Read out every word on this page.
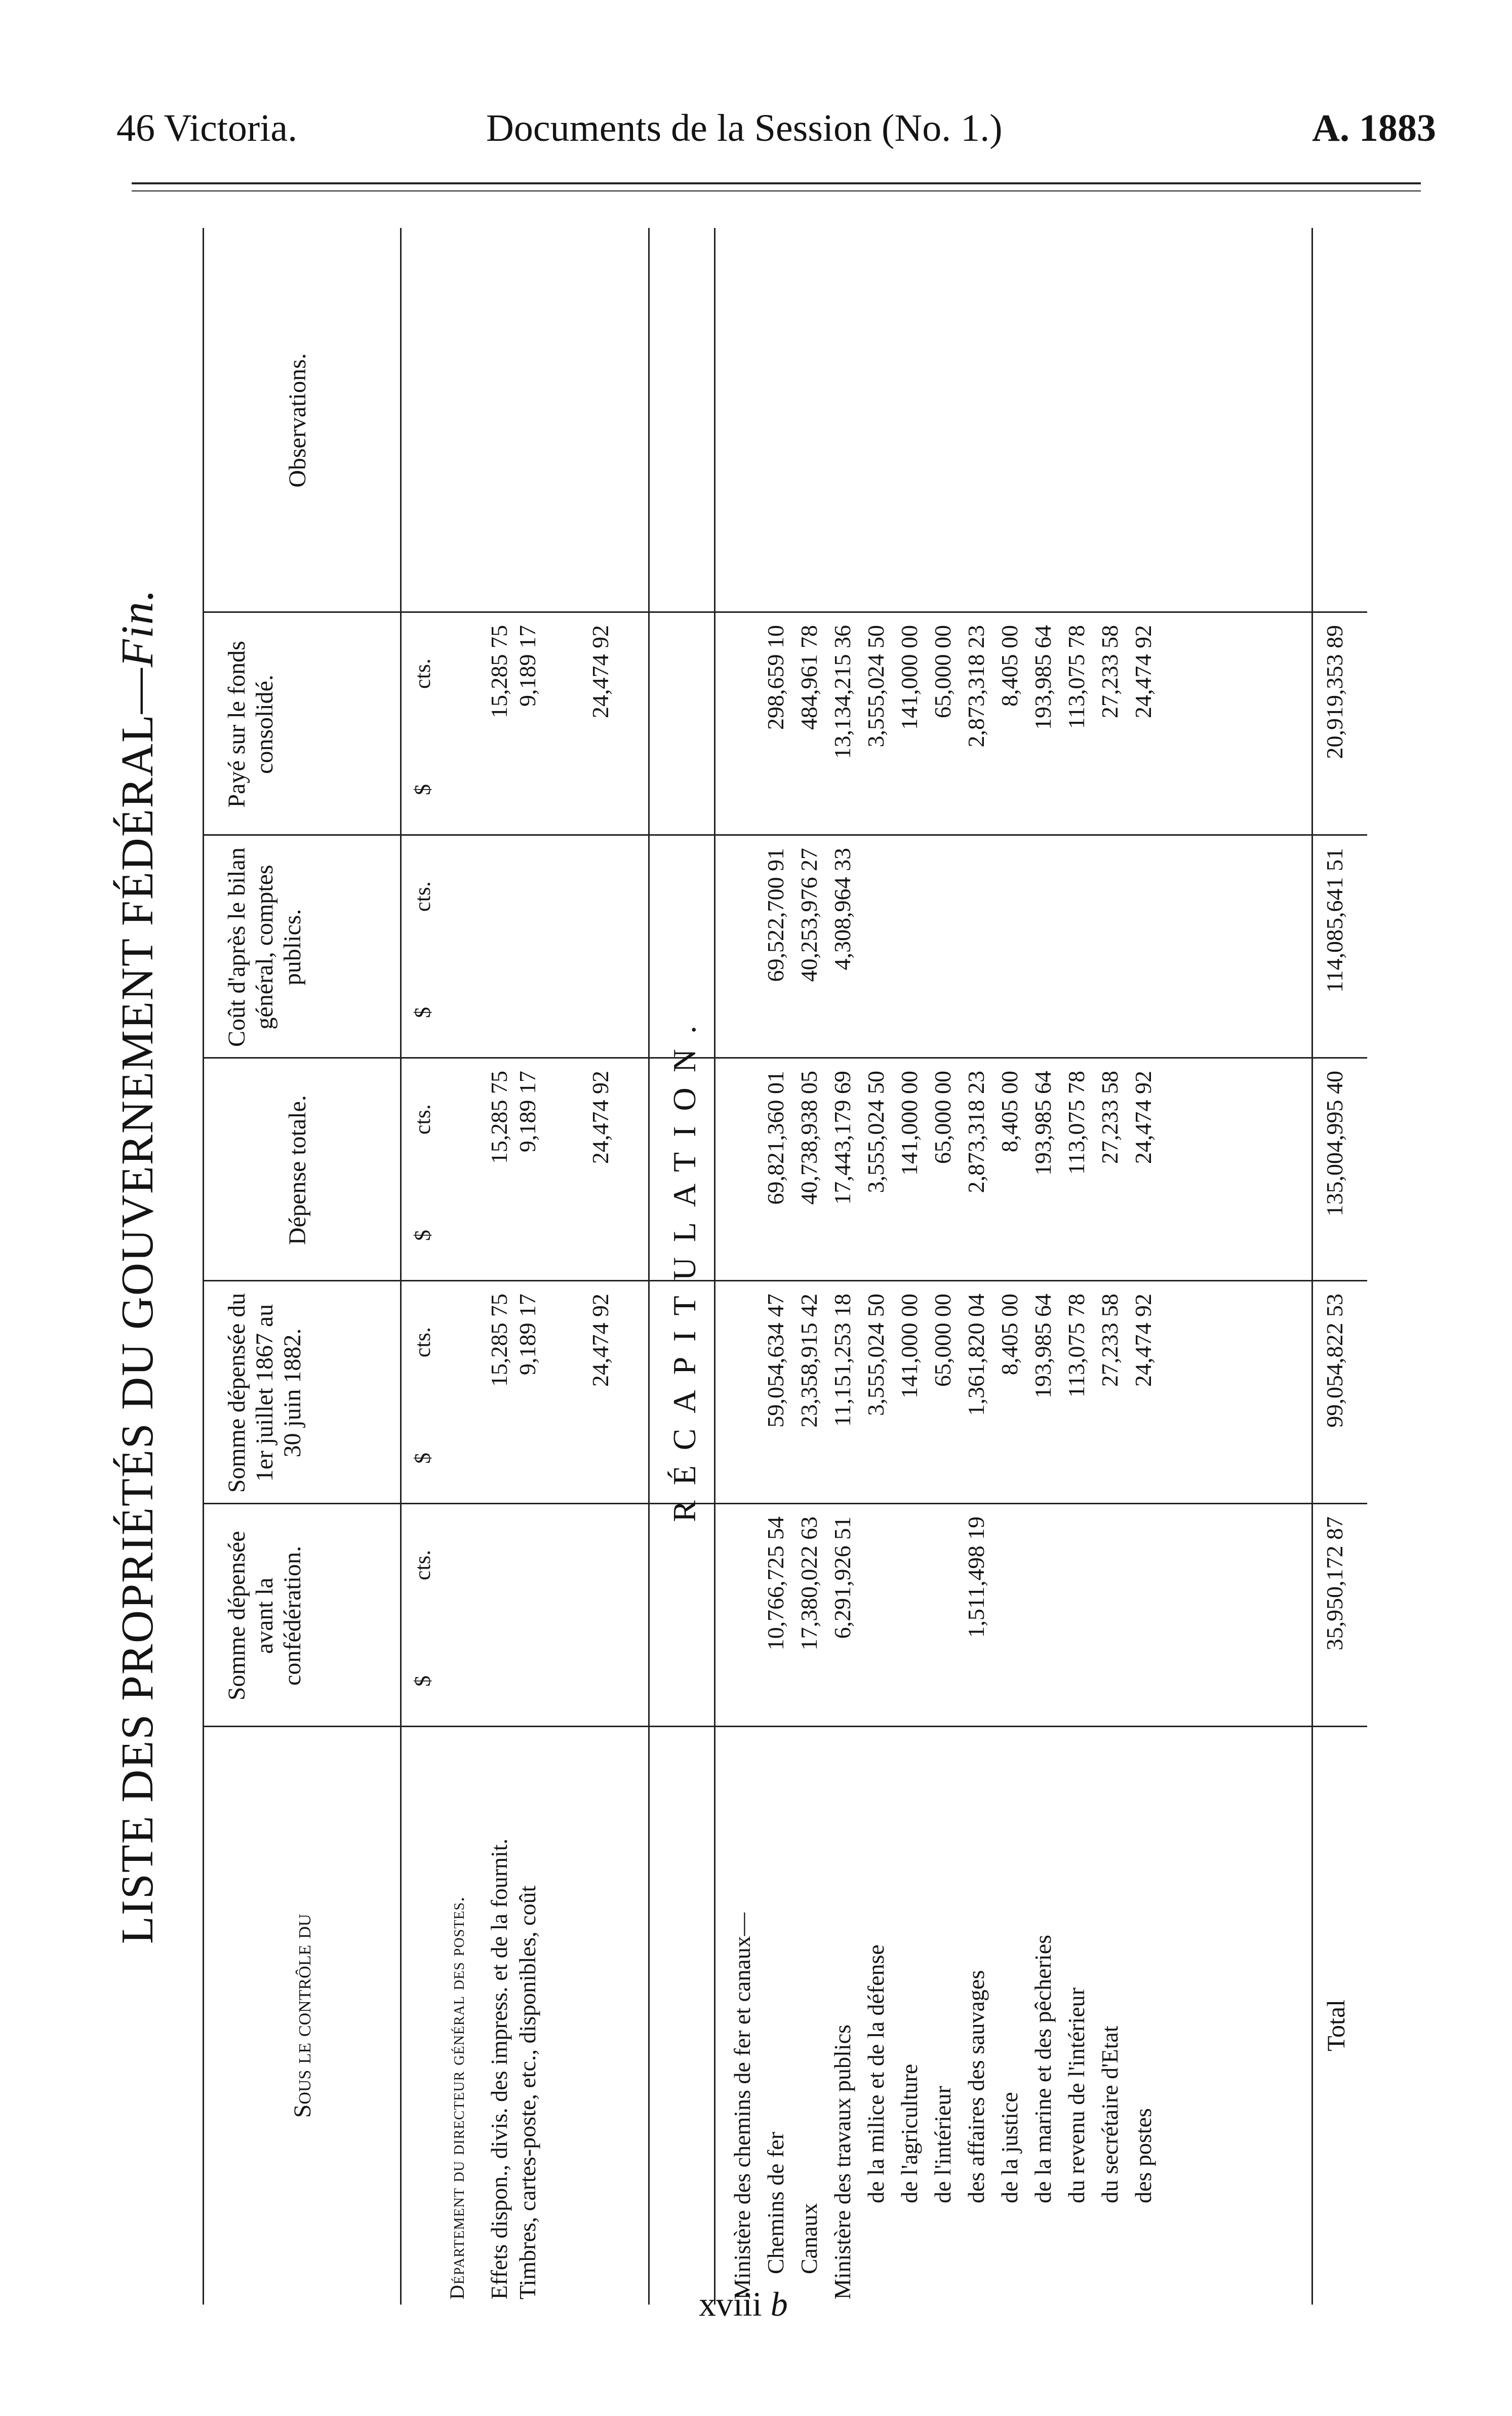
46 Victoria.	Documents de la Session (No. 1.)	A. 1883
LISTE DES PROPRIÉTÉS DU GOUVERNEMENT FÉDÉRAL—Fin.
Sous le contrôle du
Somme dépensée avant la confédération.
Somme dépensée du 1er juillet 1867 au 30 juin 1882.
Dépense totale.
Coût d'après le bilan général, comptes publics.
Payé sur le fonds consolidé.
Observations.
$
cts.
$
cts.
$
cts.
$
cts.
$
cts.
Département du directeur général des postes. Effets dispon., divis. des impress. et de la fournit.
15,285 75
15,285 75
15,285 75
Timbres, cartes-poste, etc., disponibles, coût
9,189 17
9,189 17
9,189 17
24,474 92
24,474 92
24,474 92
RÉCAPITULATION.
Ministère des chemins de fer et canaux— Chemins de fer
10,766,725 54
59,054,634 47
69,821,360 01
69,522,700 91
298,659 10
Canaux
17,380,022 63
23,358,915 42
40,738,938 05
40,253,976 27
484,961 78
Ministère des travaux publics
6,291,926 51
11,151,253 18
17,443,179 69
4,308,964 33
13,134,215 36
de la milice et de la défense
3,555,024 50
3,555,024 50
3,555,024 50
de l'agriculture
141,000 00
141,000 00
141,000 00
de l'intérieur
65,000 00
65,000 00
65,000 00
des affaires des sauvages
1,511,498 19
1,361,820 04
2,873,318 23
2,873,318 23
de la justice
8,405 00
8,405 00
8,405 00
de la marine et des pêcheries
193,985 64
193,985 64
193,985 64
du revenu de l'intérieur
113,075 78
113,075 78
113,075 78
du secrétaire d'Etat
27,233 58
27,233 58
27,233 58
des postes
24,474 92
24,474 92
24,474 92
Total
35,950,172 87
99,054,822 53
135,004,995 40
114,085,641 51
20,919,353 89
xviii b
